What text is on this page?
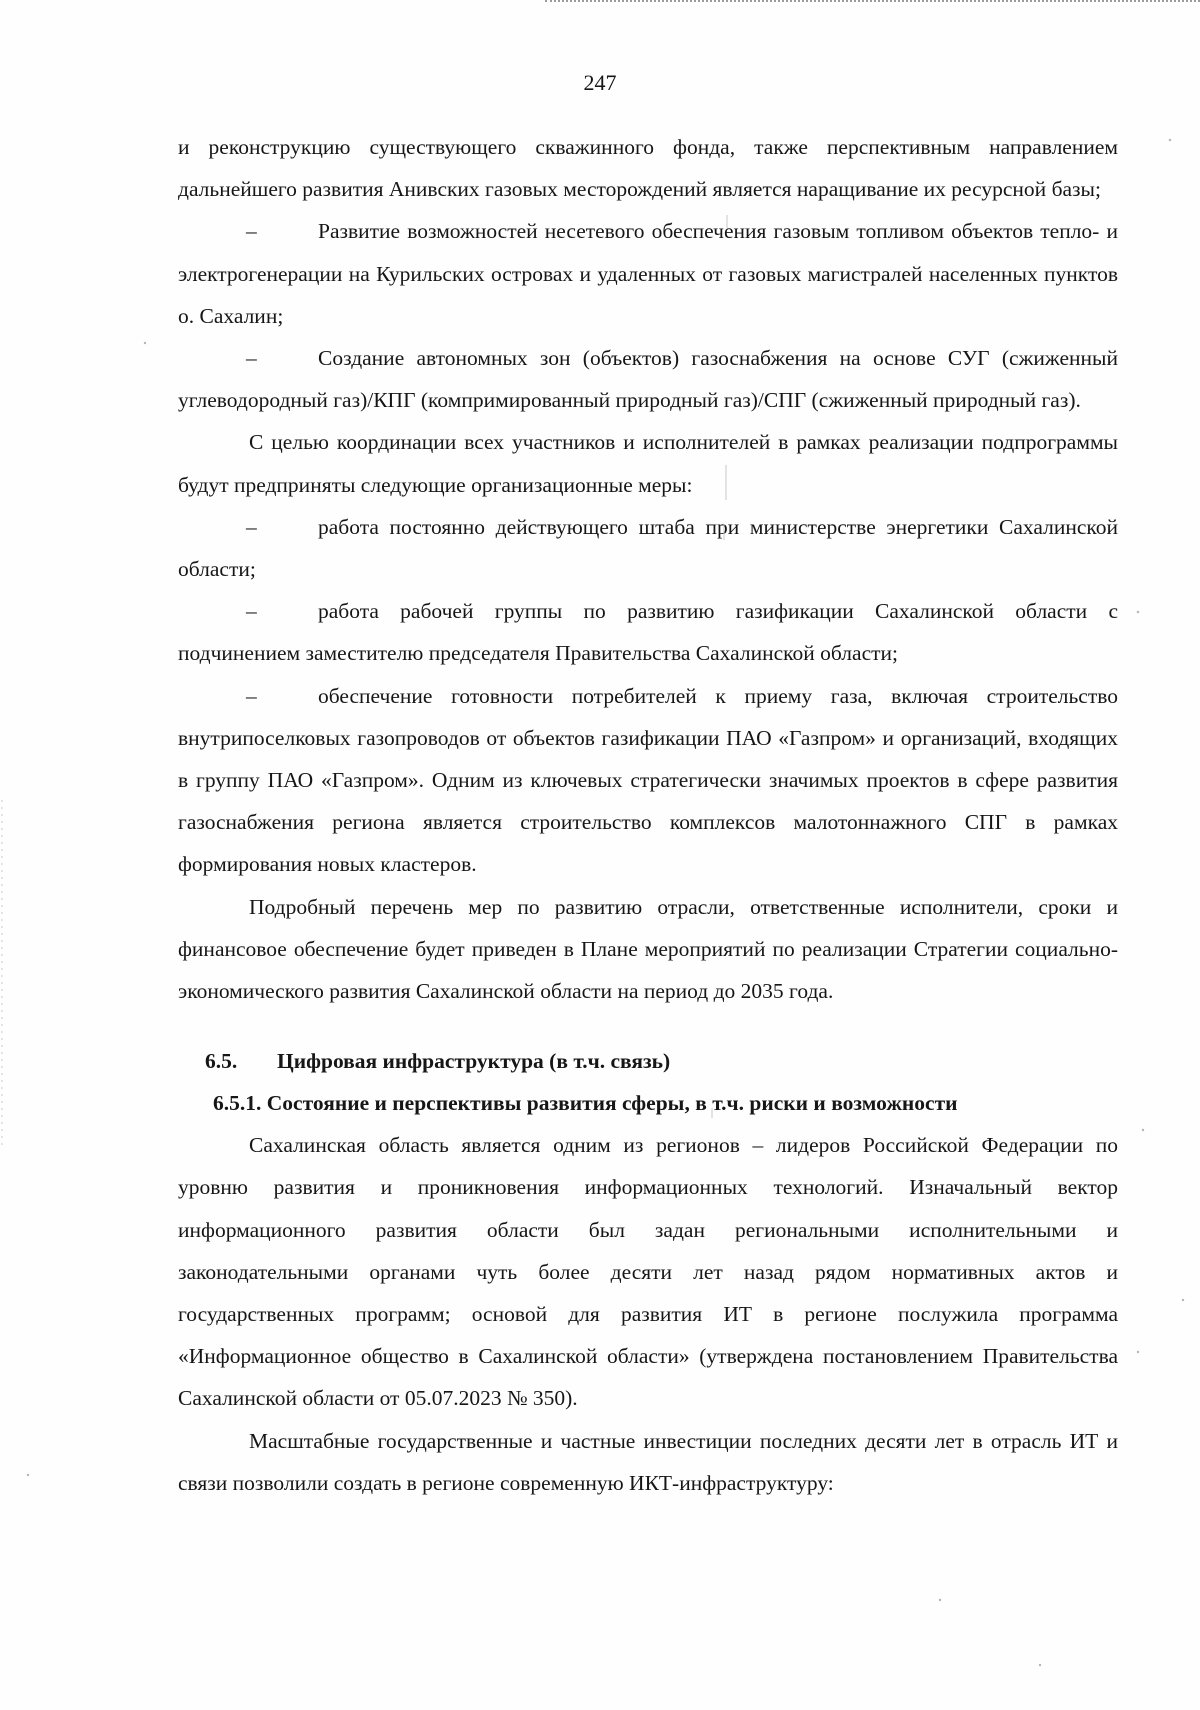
247

и реконструкцию существующего скважинного фонда, также перспективным направлением дальнейшего развития Анивских газовых месторождений является наращивание их ресурсной базы;

–	Развитие возможностей несетевого обеспечения газовым топливом объектов тепло- и электрогенерации на Курильских островах и удаленных от газовых магистралей населенных пунктов о. Сахалин;

–	Создание автономных зон (объектов) газоснабжения на основе СУГ (сжиженный углеводородный газ)/КПГ (компримированный природный газ)/СПГ (сжиженный природный газ).

С целью координации всех участников и исполнителей в рамках реализации подпрограммы будут предприняты следующие организационные меры:

–	работа постоянно действующего штаба при министерстве энергетики Сахалинской области;

–	работа рабочей группы по развитию газификации Сахалинской области с подчинением заместителю председателя Правительства Сахалинской области;

–	обеспечение готовности потребителей к приему газа, включая строительство внутрипоселковых газопроводов от объектов газификации ПАО «Газпром» и организаций, входящих в группу ПАО «Газпром». Одним из ключевых стратегически значимых проектов в сфере развития газоснабжения региона является строительство комплексов малотоннажного СПГ в рамках формирования новых кластеров.

Подробный перечень мер по развитию отрасли, ответственные исполнители, сроки и финансовое обеспечение будет приведен в Плане мероприятий по реализации Стратегии социально-экономического развития Сахалинской области на период до 2035 года.

6.5. Цифровая инфраструктура (в т.ч. связь)
6.5.1. Состояние и перспективы развития сферы, в т.ч. риски и возможности

Сахалинская область является одним из регионов – лидеров Российской Федерации по уровню развития и проникновения информационных технологий. Изначальный вектор информационного развития области был задан региональными исполнительными и законодательными органами чуть более десяти лет назад рядом нормативных актов и государственных программ; основой для развития ИТ в регионе послужила программа «Информационное общество в Сахалинской области» (утверждена постановлением Правительства Сахалинской области от 05.07.2023 № 350).

Масштабные государственные и частные инвестиции последних десяти лет в отрасль ИТ и связи позволили создать в регионе современную ИКТ-инфраструктуру:
